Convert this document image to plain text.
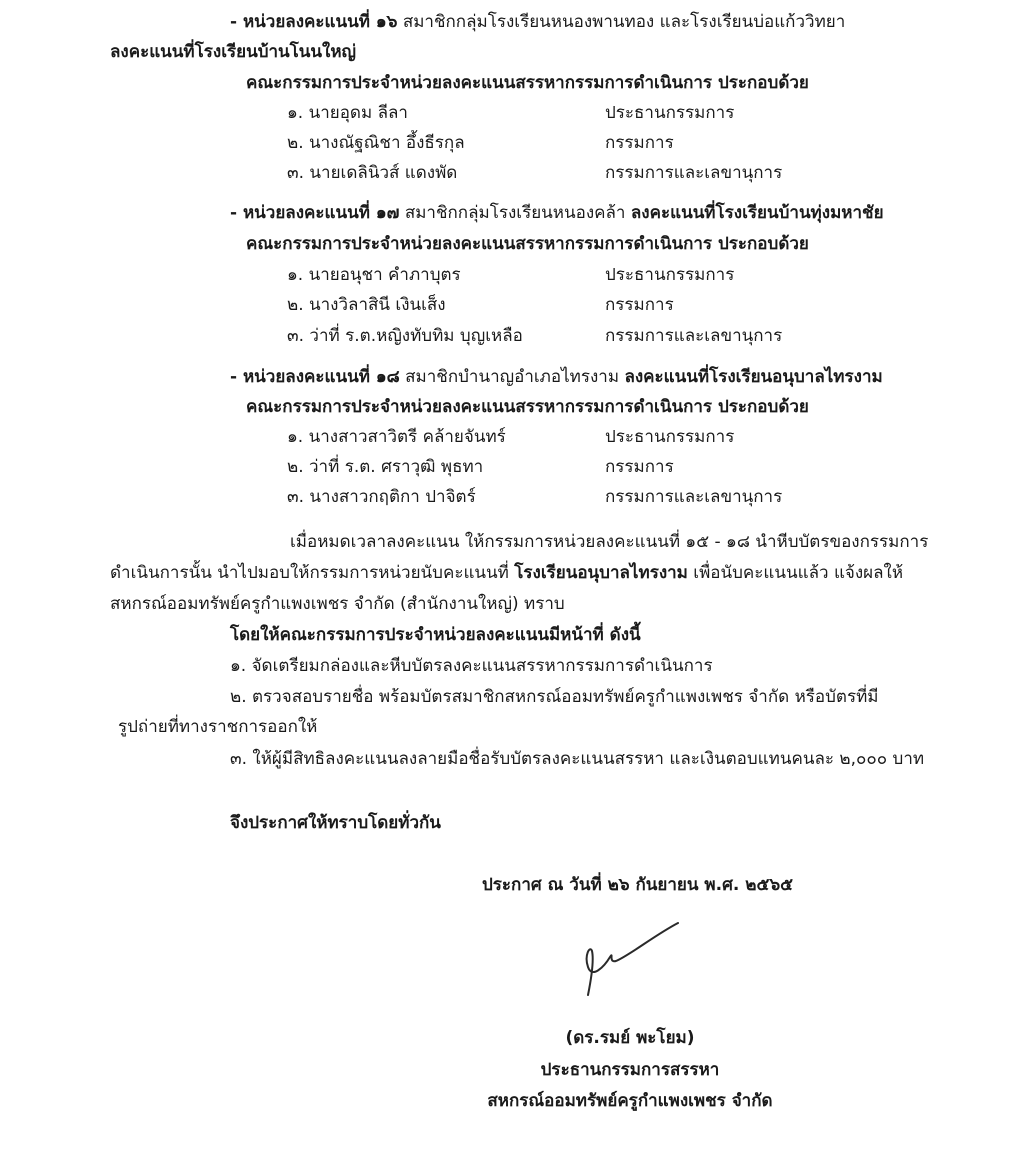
- หน่วยลงคะแนนที่ ๑๖ สมาชิกกลุ่มโรงเรียนหนองพานทอง และโรงเรียนบ่อแก้ววิทยา
ลงคะแนนที่โรงเรียนบ้านโนนใหญ่
คณะกรรมการประจำหน่วยลงคะแนนสรรหากรรมการดำเนินการ ประกอบด้วย
๑. นายอุดม ลีลา	ประธานกรรมการ
๒. นางณัฐณิชา อึ้งธีรกุล	กรรมการ
๓. นายเดลินิวส์ แดงพัด	กรรมการและเลขานุการ
- หน่วยลงคะแนนที่ ๑๗ สมาชิกกลุ่มโรงเรียนหนองคล้า ลงคะแนนที่โรงเรียนบ้านทุ่งมหาชัย
คณะกรรมการประจำหน่วยลงคะแนนสรรหากรรมการดำเนินการ ประกอบด้วย
๑. นายอนุชา คำภาบุตร	ประธานกรรมการ
๒. นางวิลาสินี เงินเส็ง	กรรมการ
๓. ว่าที่ ร.ต.หญิงทับทิม บุญเหลือ	กรรมการและเลขานุการ
- หน่วยลงคะแนนที่ ๑๘ สมาชิกบำนาญอำเภอไทรงาม ลงคะแนนที่โรงเรียนอนุบาลไทรงาม
คณะกรรมการประจำหน่วยลงคะแนนสรรหากรรมการดำเนินการ ประกอบด้วย
๑. นางสาวสาวิตรี คล้ายจันทร์	ประธานกรรมการ
๒. ว่าที่ ร.ต. ศราวุฒิ พุธทา	กรรมการ
๓. นางสาวกฤติกา ปาจิตร์	กรรมการและเลขานุการ
เมื่อหมดเวลาลงคะแนน ให้กรรมการหน่วยลงคะแนนที่ ๑๕ - ๑๘ นำหีบบัตรของกรรมการ
ดำเนินการนั้น นำไปมอบให้กรรมการหน่วยนับคะแนนที่ โรงเรียนอนุบาลไทรงาม เพื่อนับคะแนนแล้ว แจ้งผลให้
สหกรณ์ออมทรัพย์ครูกำแพงเพชร จำกัด (สำนักงานใหญ่) ทราบ
โดยให้คณะกรรมการประจำหน่วยลงคะแนนมีหน้าที่ ดังนี้
๑. จัดเตรียมกล่องและหีบบัตรลงคะแนนสรรหากรรมการดำเนินการ
๒. ตรวจสอบรายชื่อ พร้อมบัตรสมาชิกสหกรณ์ออมทรัพย์ครูกำแพงเพชร จำกัด หรือบัตรที่มี
รูปถ่ายที่ทางราชการออกให้
๓. ให้ผู้มีสิทธิลงคะแนนลงลายมือชื่อรับบัตรลงคะแนนสรรหา และเงินตอบแทนคนละ ๒,๐๐๐ บาท
จึงประกาศให้ทราบโดยทั่วกัน
ประกาศ ณ วันที่ ๒๖ กันยายน พ.ศ. ๒๕๖๕
(ดร.รมย์ พะโยม)
ประธานกรรมการสรรหา
สหกรณ์ออมทรัพย์ครูกำแพงเพชร จำกัด
